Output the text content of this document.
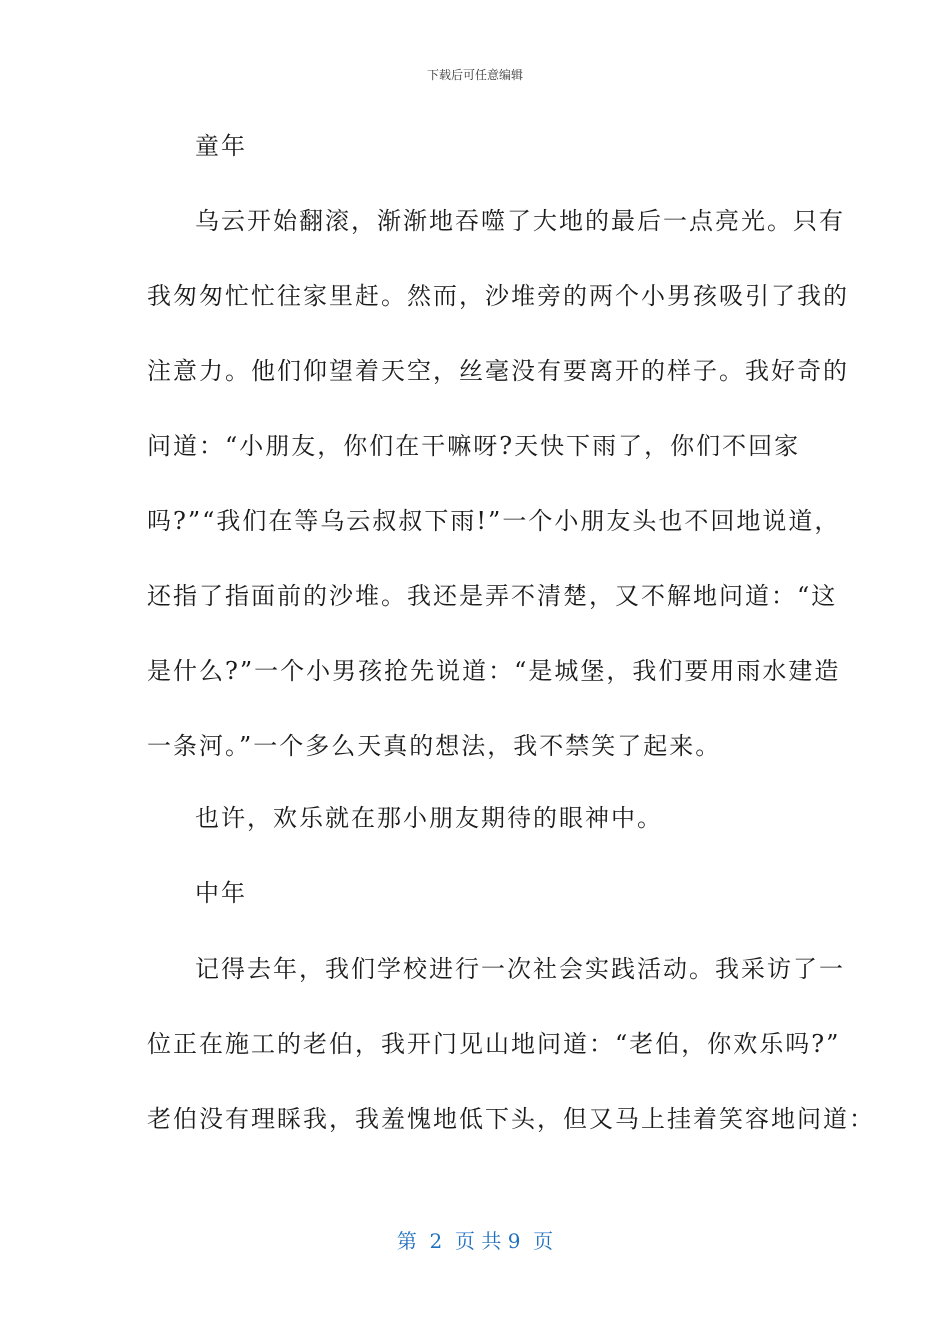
下载后可任意编辑
童年
乌云开始翻滚，渐渐地吞噬了大地的最后一点亮光。只有
我匆匆忙忙往家里赶。然而，沙堆旁的两个小男孩吸引了我的
注意力。他们仰望着天空，丝毫没有要离开的样子。我好奇的
问道：“小朋友，你们在干嘛呀?天快下雨了，你们不回家
吗?”“我们在等乌云叔叔下雨!”一个小朋友头也不回地说道，
还指了指面前的沙堆。我还是弄不清楚，又不解地问道：“这
是什么?”一个小男孩抢先说道：“是城堡，我们要用雨水建造
一条河。”一个多么天真的想法，我不禁笑了起来。
也许，欢乐就在那小朋友期待的眼神中。
中年
记得去年，我们学校进行一次社会实践活动。我采访了一
位正在施工的老伯，我开门见山地问道：“老伯，你欢乐吗?”
老伯没有理睬我，我羞愧地低下头，但又马上挂着笑容地问道：
第  2  页 共 9  页
